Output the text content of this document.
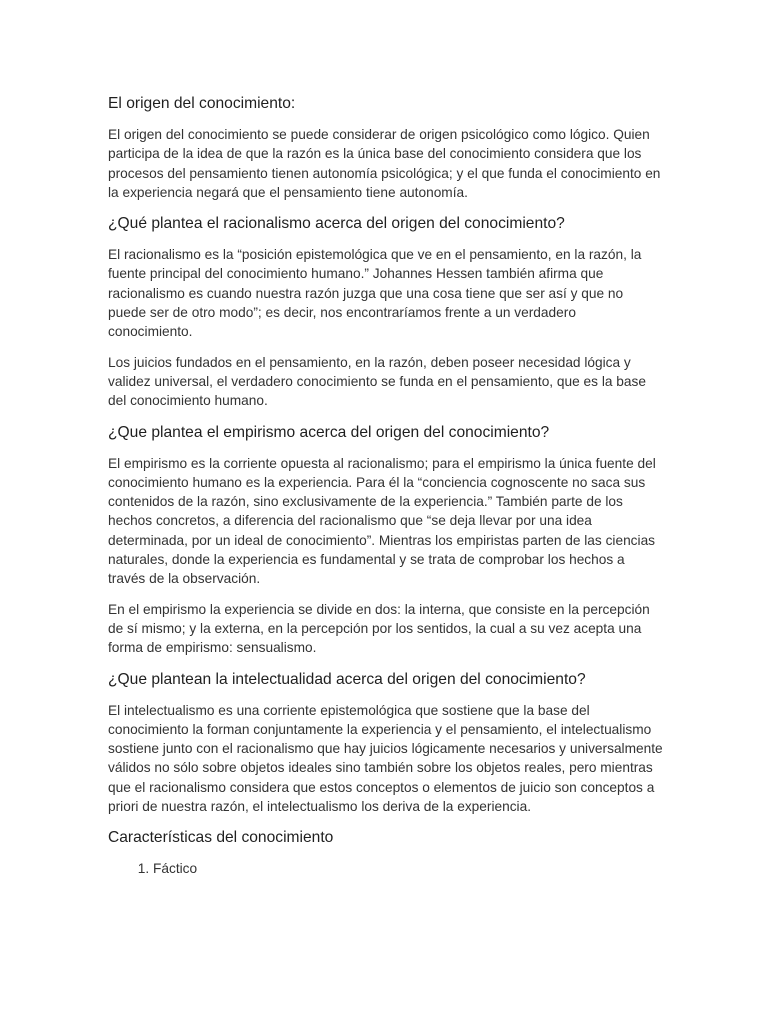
El origen del conocimiento:

El origen del conocimiento se puede considerar de origen psicológico como lógico. Quien participa de la idea de que la razón es la única base del conocimiento considera que los procesos del pensamiento tienen autonomía psicológica; y el que funda el conocimiento en la experiencia negará que el pensamiento tiene autonomía.

¿Qué plantea el racionalismo acerca del origen del conocimiento?

El racionalismo es la “posición epistemológica que ve en el pensamiento, en la razón, la fuente principal del conocimiento humano.” Johannes Hessen también afirma que racionalismo es cuando nuestra razón juzga que una cosa tiene que ser así y que no puede ser de otro modo”; es decir, nos encontraríamos frente a un verdadero conocimiento.

Los juicios fundados en el pensamiento, en la razón, deben poseer necesidad lógica y validez universal, el verdadero conocimiento se funda en el pensamiento, que es la base del conocimiento humano.

¿Que plantea el empirismo acerca del origen del conocimiento?

El empirismo es la corriente opuesta al racionalismo; para el empirismo la única fuente del conocimiento humano es la experiencia. Para él la “conciencia cognoscente no saca sus contenidos de la razón, sino exclusivamente de la experiencia.” También parte de los hechos concretos, a diferencia del racionalismo que “se deja llevar por una idea determinada, por un ideal de conocimiento”. Mientras los empiristas parten de las ciencias naturales, donde la experiencia es fundamental y se trata de comprobar los hechos a través de la observación.

En el empirismo la experiencia se divide en dos: la interna, que consiste en la percepción de sí mismo; y la externa, en la percepción por los sentidos, la cual a su vez acepta una forma de empirismo: sensualismo.

¿Que plantean la intelectualidad acerca del origen del conocimiento?

El intelectualismo es una corriente epistemológica que sostiene que la base del conocimiento la forman conjuntamente la experiencia y el pensamiento, el intelectualismo sostiene junto con el racionalismo que hay juicios lógicamente necesarios y universalmente válidos no sólo sobre objetos ideales sino también sobre los objetos reales, pero mientras que el racionalismo considera que estos conceptos o elementos de juicio son conceptos a priori de nuestra razón, el intelectualismo los deriva de la experiencia.

Características del conocimiento
1. Fáctico
